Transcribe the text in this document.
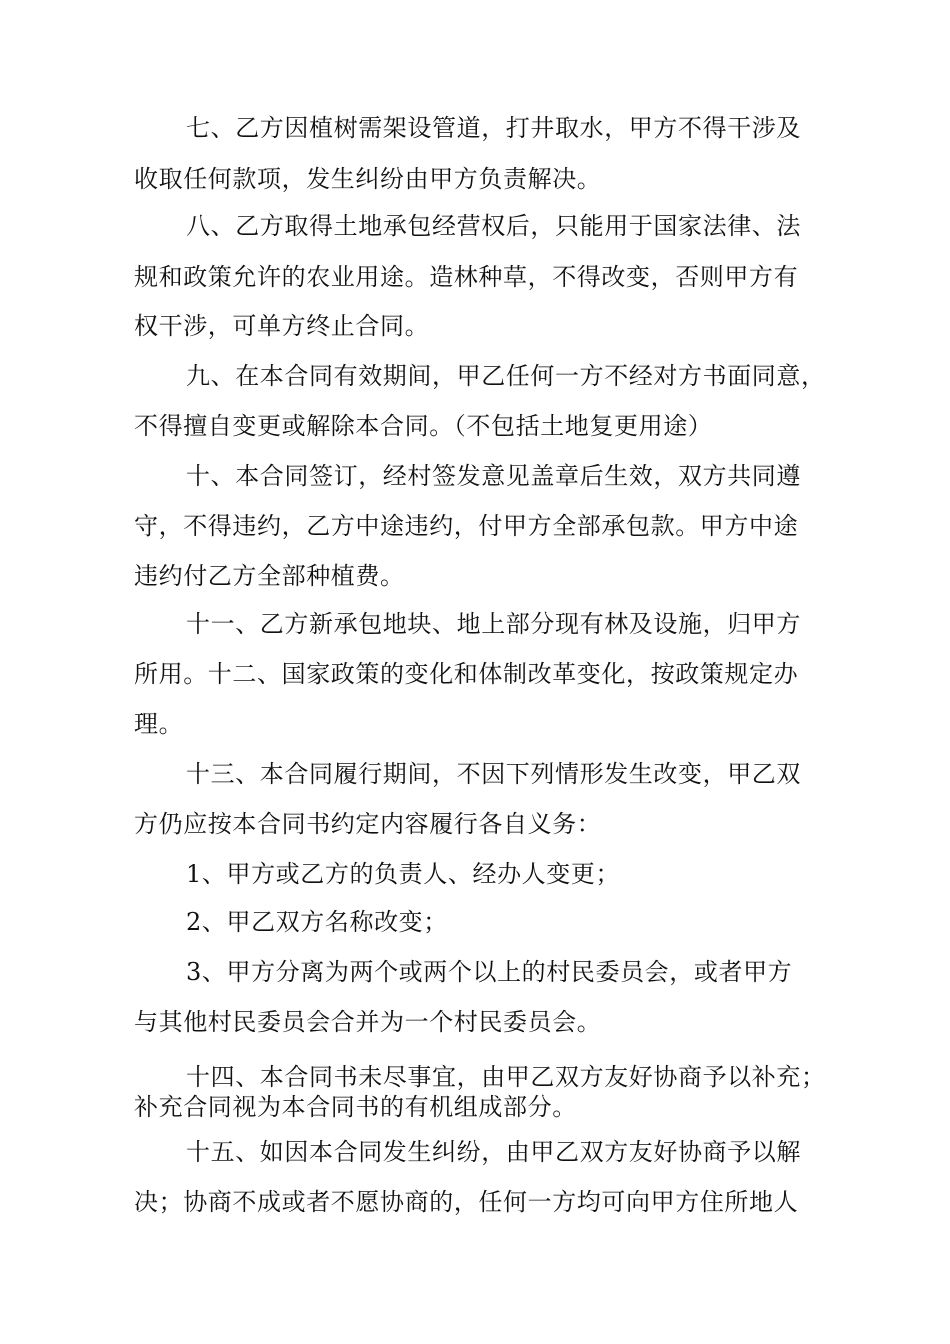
七、乙方因植树需架设管道，打井取水，甲方不得干涉及
收取任何款项，发生纠纷由甲方负责解决。
八、乙方取得土地承包经营权后，只能用于国家法律、法
规和政策允许的农业用途。造林种草，不得改变，否则甲方有
权干涉，可单方终止合同。
九、在本合同有效期间，甲乙任何一方不经对方书面同意，
不得擅自变更或解除本合同。（不包括土地复更用途）
十、本合同签订，经村签发意见盖章后生效，双方共同遵
守，不得违约，乙方中途违约，付甲方全部承包款。甲方中途
违约付乙方全部种植费。
十一、乙方新承包地块、地上部分现有林及设施，归甲方
所用。十二、国家政策的变化和体制改革变化，按政策规定办
理。
十三、本合同履行期间，不因下列情形发生改变，甲乙双
方仍应按本合同书约定内容履行各自义务：
1、甲方或乙方的负责人、经办人变更；
2、甲乙双方名称改变；
3、甲方分离为两个或两个以上的村民委员会，或者甲方
与其他村民委员会合并为一个村民委员会。
十四、本合同书未尽事宜，由甲乙双方友好协商予以补充；
补充合同视为本合同书的有机组成部分。
十五、如因本合同发生纠纷，由甲乙双方友好协商予以解
决；协商不成或者不愿协商的，任何一方均可向甲方住所地人
